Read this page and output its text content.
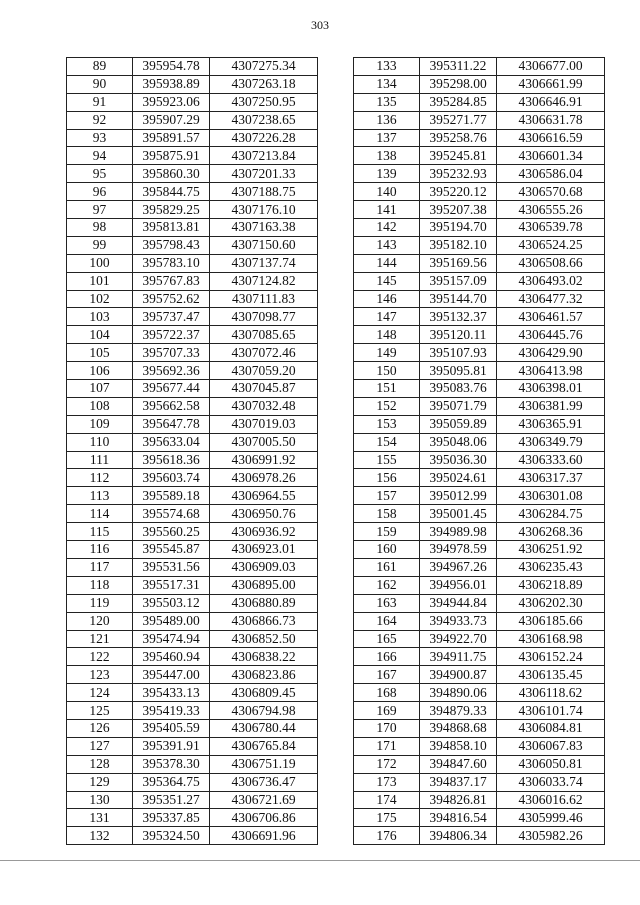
303
89	395954.78	4307275.34
90	395938.89	4307263.18
91	395923.06	4307250.95
92	395907.29	4307238.65
93	395891.57	4307226.28
94	395875.91	4307213.84
95	395860.30	4307201.33
96	395844.75	4307188.75
97	395829.25	4307176.10
98	395813.81	4307163.38
99	395798.43	4307150.60
100	395783.10	4307137.74
101	395767.83	4307124.82
102	395752.62	4307111.83
103	395737.47	4307098.77
104	395722.37	4307085.65
105	395707.33	4307072.46
106	395692.36	4307059.20
107	395677.44	4307045.87
108	395662.58	4307032.48
109	395647.78	4307019.03
110	395633.04	4307005.50
111	395618.36	4306991.92
112	395603.74	4306978.26
113	395589.18	4306964.55
114	395574.68	4306950.76
115	395560.25	4306936.92
116	395545.87	4306923.01
117	395531.56	4306909.03
118	395517.31	4306895.00
119	395503.12	4306880.89
120	395489.00	4306866.73
121	395474.94	4306852.50
122	395460.94	4306838.22
123	395447.00	4306823.86
124	395433.13	4306809.45
125	395419.33	4306794.98
126	395405.59	4306780.44
127	395391.91	4306765.84
128	395378.30	4306751.19
129	395364.75	4306736.47
130	395351.27	4306721.69
131	395337.85	4306706.86
132	395324.50	4306691.96
133	395311.22	4306677.00
134	395298.00	4306661.99
135	395284.85	4306646.91
136	395271.77	4306631.78
137	395258.76	4306616.59
138	395245.81	4306601.34
139	395232.93	4306586.04
140	395220.12	4306570.68
141	395207.38	4306555.26
142	395194.70	4306539.78
143	395182.10	4306524.25
144	395169.56	4306508.66
145	395157.09	4306493.02
146	395144.70	4306477.32
147	395132.37	4306461.57
148	395120.11	4306445.76
149	395107.93	4306429.90
150	395095.81	4306413.98
151	395083.76	4306398.01
152	395071.79	4306381.99
153	395059.89	4306365.91
154	395048.06	4306349.79
155	395036.30	4306333.60
156	395024.61	4306317.37
157	395012.99	4306301.08
158	395001.45	4306284.75
159	394989.98	4306268.36
160	394978.59	4306251.92
161	394967.26	4306235.43
162	394956.01	4306218.89
163	394944.84	4306202.30
164	394933.73	4306185.66
165	394922.70	4306168.98
166	394911.75	4306152.24
167	394900.87	4306135.45
168	394890.06	4306118.62
169	394879.33	4306101.74
170	394868.68	4306084.81
171	394858.10	4306067.83
172	394847.60	4306050.81
173	394837.17	4306033.74
174	394826.81	4306016.62
175	394816.54	4305999.46
176	394806.34	4305982.26
